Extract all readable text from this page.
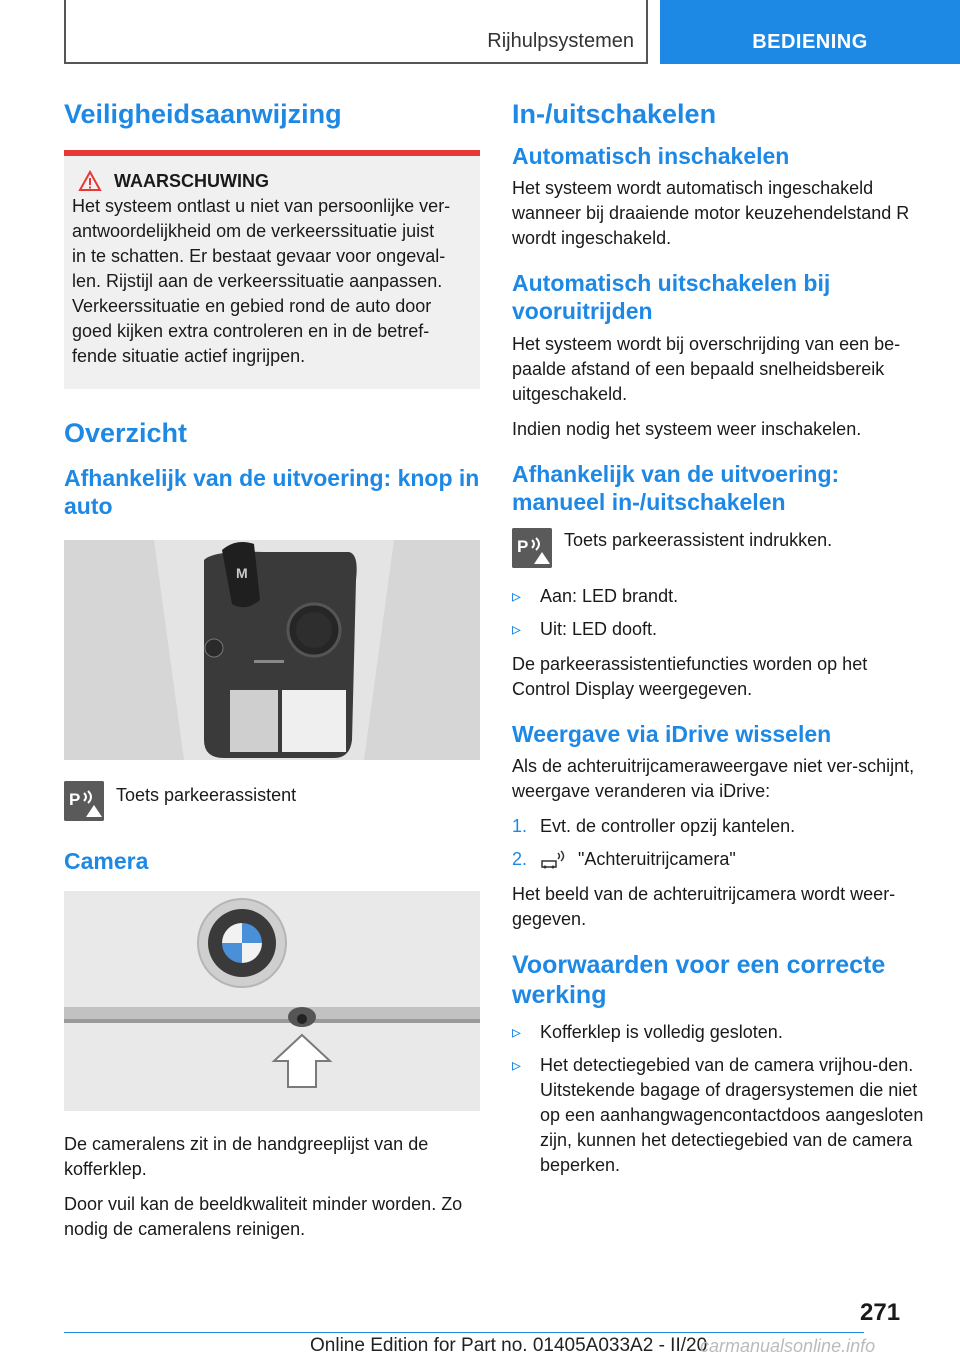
Rijhulpsystemen	BEDIENING
Veiligheidsaanwijzing
WAARSCHUWING

Het systeem ontlast u niet van persoonlijke ver-
antwoordelijkheid om de verkeerssituatie juist
in te schatten. Er bestaat gevaar voor ongeval-
len. Rijstijl aan de verkeerssituatie aanpassen.
Verkeerssituatie en gebied rond de auto door
goed kijken extra controleren en in de betref-
fende situatie actief ingrijpen.

Overzicht
Afhankelijk van de uitvoering: knop in auto
M
P Toets parkeerassistent

Camera

De cameralens zit in de handgreeplijst van de kofferklep.

Door vuil kan de beeldkwaliteit minder worden. Zo nodig de cameralens reinigen.

In-/uitschakelen
Automatisch inschakelen

Het systeem wordt automatisch ingeschakeld wanneer bij draaiende motor keuzehendelstand R wordt ingeschakeld.

Automatisch uitschakelen bij vooruitrijden

Het systeem wordt bij overschrijding van een be-paalde afstand of een bepaald snelheidsbereik uitgeschakeld.

Indien nodig het systeem weer inschakelen.

Afhankelijk van de uitvoering: manueel in-/uitschakelen
P Toets parkeerassistent indrukken.

▹	Aan: LED brandt.
▹	Uit: LED dooft.

De parkeerassistentiefuncties worden op het Control Display weergegeven.

Weergave via iDrive wisselen

Als de achteruitrijcameraweergave niet ver-schijnt, weergave veranderen via iDrive:

1. Evt. de controller opzij kantelen.
2.	"Achteruitrijcamera"

Het beeld van de achteruitrijcamera wordt weer-gegeven.

Voorwaarden voor een correcte werking
▹	Kofferklep is volledig gesloten.
▹	Het detectiegebied van de camera vrijhou-den. Uitstekende bagage of dragersystemen die niet op een aanhangwagencontactdoos aangesloten zijn, kunnen het detectiegebied van de camera beperken.
271
Online Edition for Part no. 01405A033A2 - II/20
carmanualsonline.info
